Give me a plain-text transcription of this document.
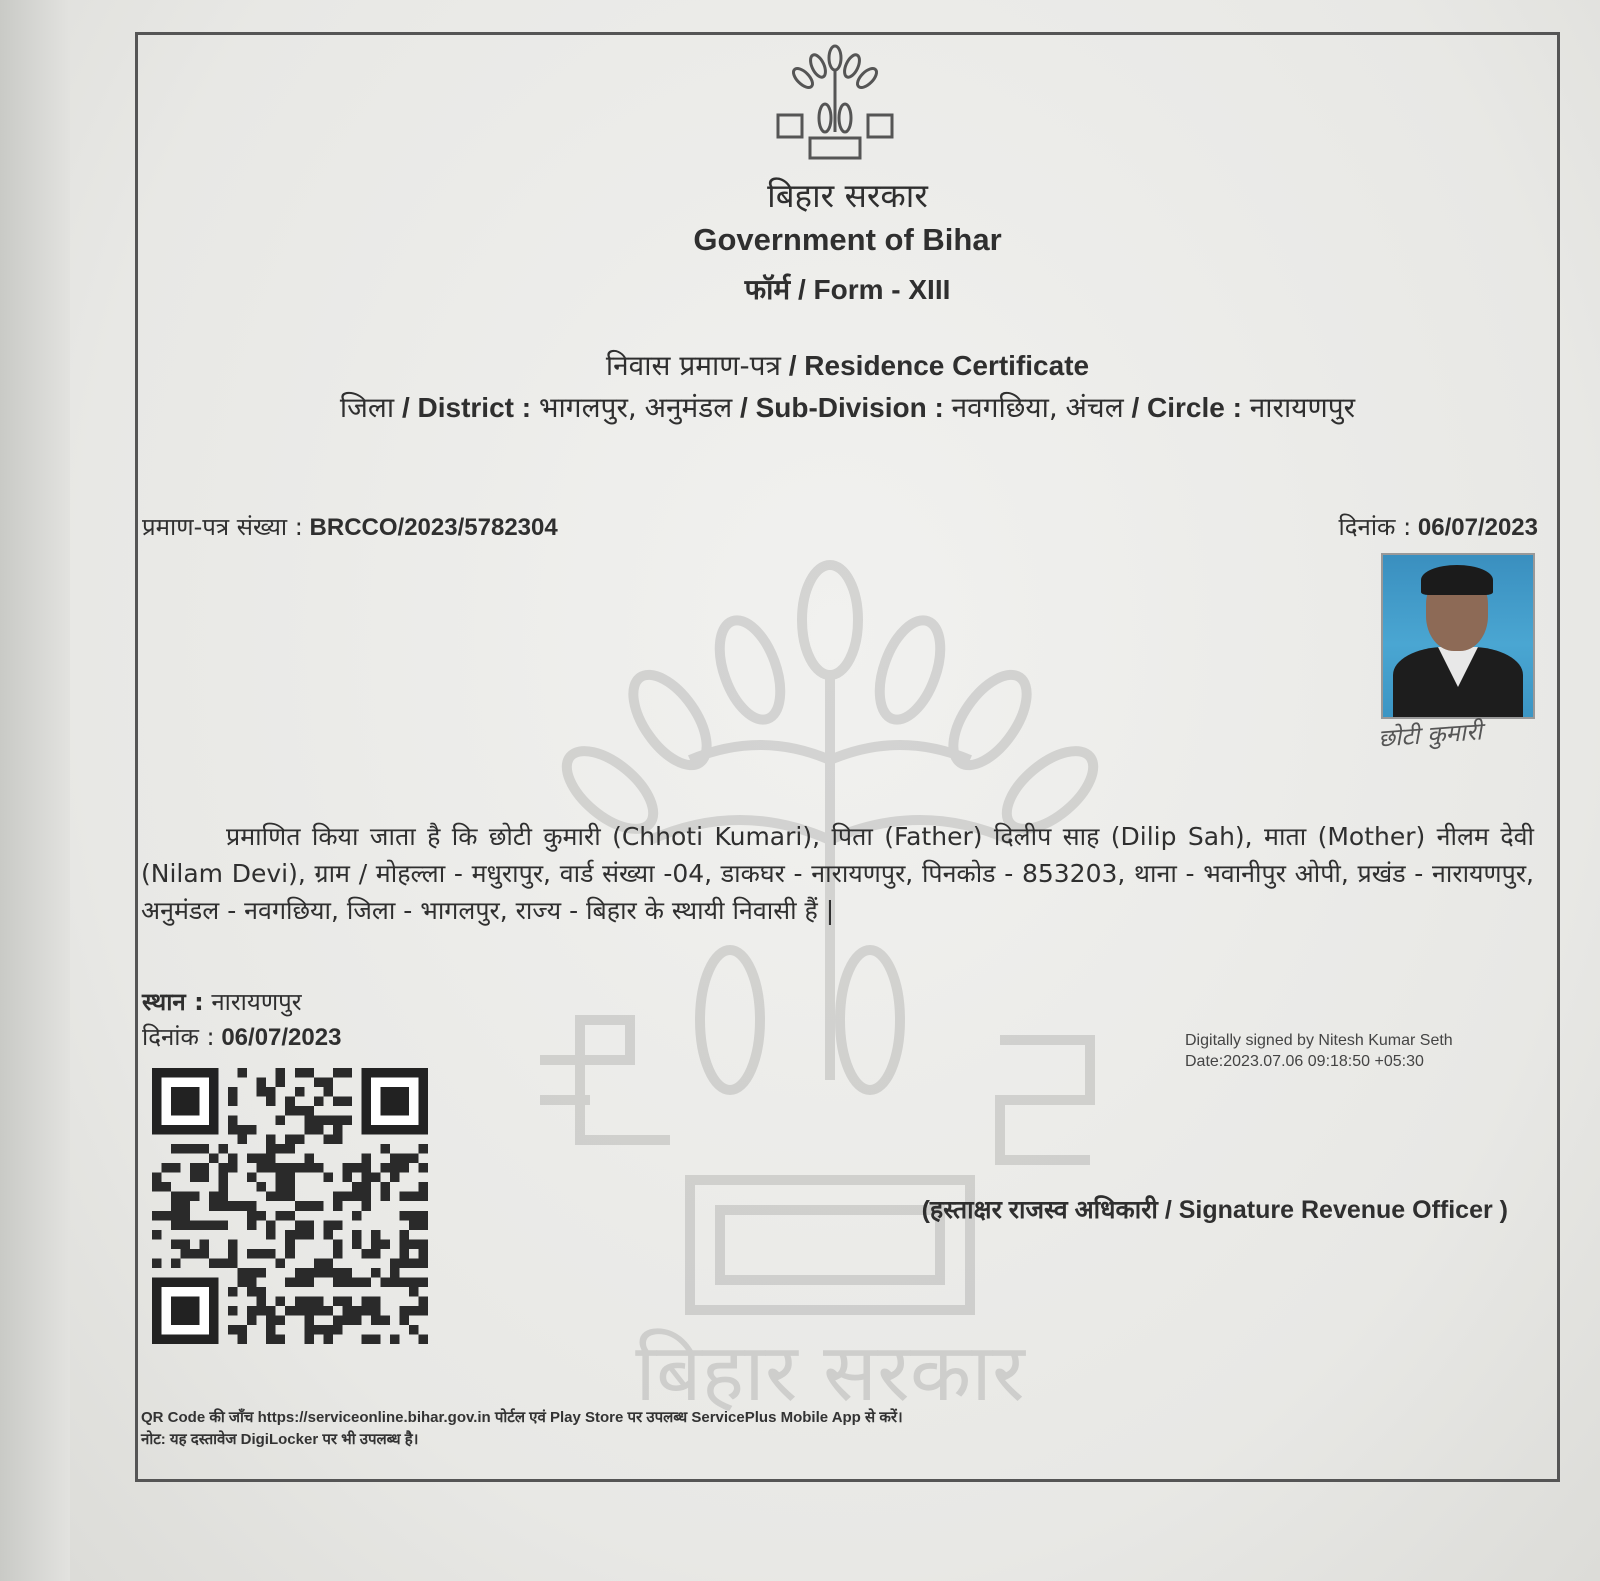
बिहार सरकार
बिहार सरकार
Government of Bihar
फॉर्म / Form - XIII
निवास प्रमाण-पत्र / Residence Certificate
जिला / District : भागलपुर, अनुमंडल / Sub-Division : नवगछिया, अंचल / Circle : नारायणपुर
प्रमाण-पत्र संख्या : BRCCO/2023/5782304	दिनांक : 06/07/2023
छोटी कुमारी
प्रमाणित किया जाता है कि छोटी कुमारी (Chhoti Kumari), पिता (Father) दिलीप साह (Dilip Sah), माता (Mother) नीलम देवी (Nilam Devi), ग्राम / मोहल्ला - मधुरापुर, वार्ड संख्या -04, डाकघर - नारायणपुर, पिनकोड - 853203, थाना - भवानीपुर ओपी, प्रखंड - नारायणपुर, अनुमंडल - नवगछिया, जिला - भागलपुर, राज्य - बिहार के स्थायी निवासी हैं |
स्थान : नारायणपुर
दिनांक : 06/07/2023	Digitally signed by Nitesh Kumar Seth
Date:2023.07.06 09:18:50 +05:30
(हस्ताक्षर राजस्व अधिकारी / Signature Revenue Officer )
QR Code की जाँच https://serviceonline.bihar.gov.in पोर्टल एवं Play Store पर उपलब्ध ServicePlus Mobile App से करें।
नोट: यह दस्तावेज DigiLocker पर भी उपलब्ध है।
